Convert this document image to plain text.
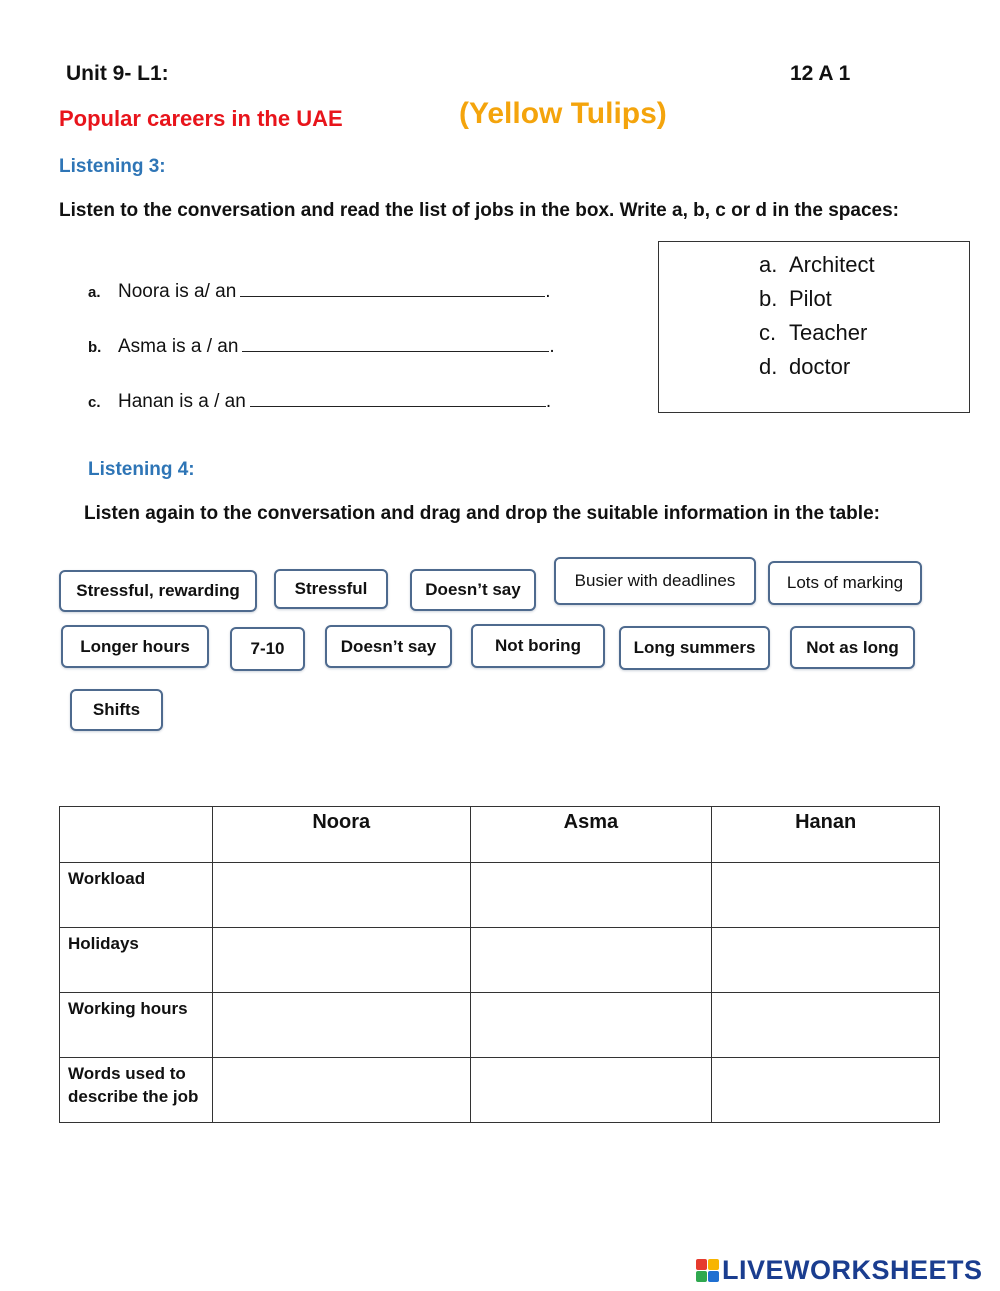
Unit 9- L1:	12 A 1
Popular careers in the UAE	(Yellow Tulips)
Listening 3:
Listen to the conversation and read the list of jobs in the box. Write a, b, c or d in the spaces:
a. Architect
b. Pilot
c. Teacher
d. doctor
a. Noora is a/ an	.
b. Asma is a / an	.
c. Hanan is a / an	.
Listening 4:
Listen again to the conversation and drag and drop the suitable information in the table:
Stressful, rewarding	Stressful	Doesn’t say	Busier with deadlines	Lots of marking
Longer hours	7-10	Doesn’t say	Not boring	Long summers	Not as long
Shifts
	Noora	Asma	Hanan
Workload			
Holidays			
Working hours			
Words used to describe the job			
LIVEWORKSHEETS
